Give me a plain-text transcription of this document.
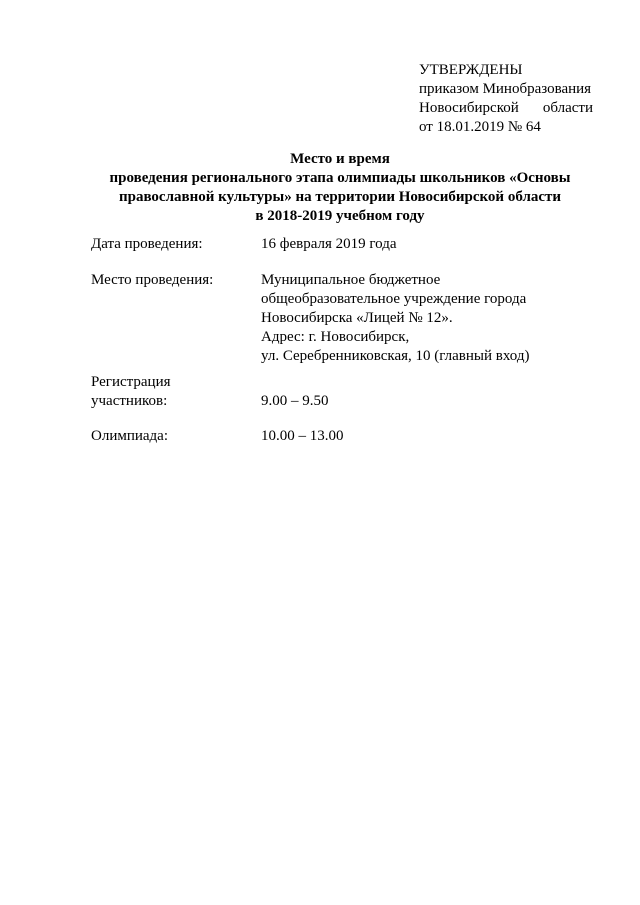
УТВЕРЖДЕНЫ
приказом Минобразования
Новосибирской области
от 18.01.2019 № 64
Место и время
проведения регионального этапа олимпиады школьников «Основы
православной культуры» на территории Новосибирской области
в 2018-2019 учебном году
Дата проведения:	16 февраля 2019 года
Место проведения:	Муниципальное бюджетное
общеобразовательное учреждение города
Новосибирска «Лицей № 12».
Адрес: г. Новосибирск,
ул. Серебренниковская, 10 (главный вход)
Регистрация
участников:	9.00 – 9.50
Олимпиада:	10.00 – 13.00
